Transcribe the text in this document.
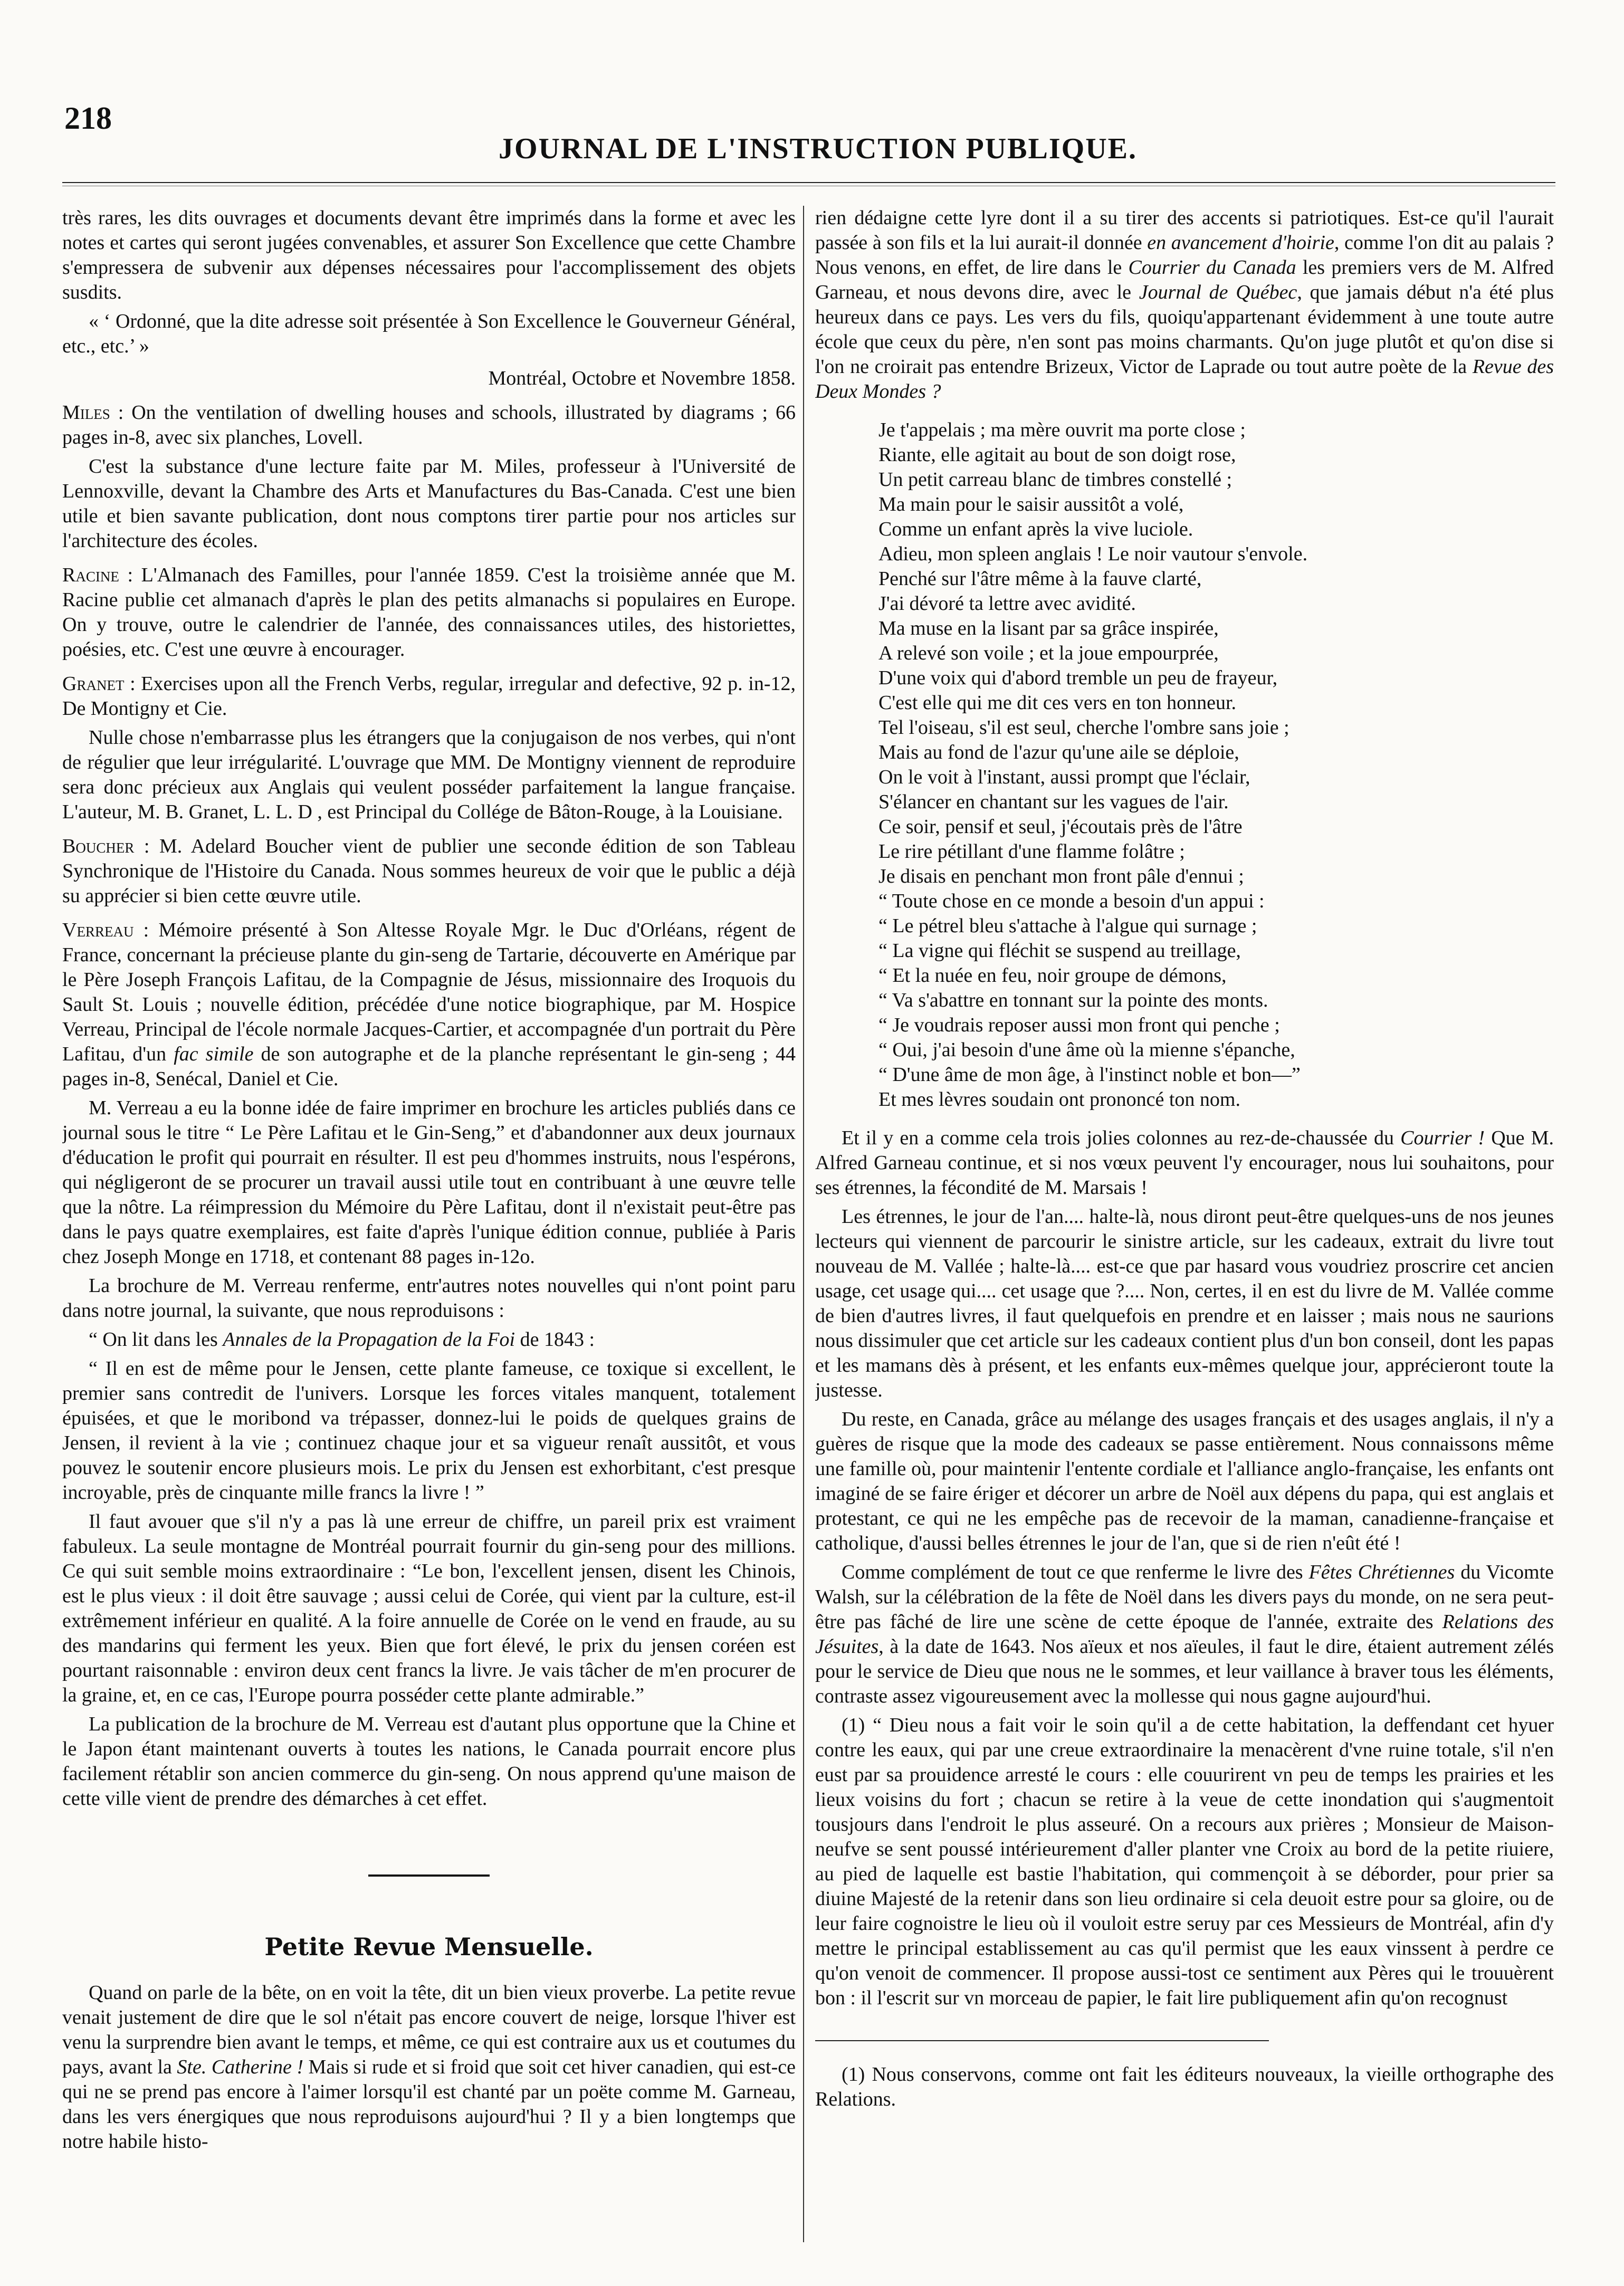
218
JOURNAL DE L'INSTRUCTION PUBLIQUE.

très rares, les dits ouvrages et documents devant être imprimés dans la forme et avec les notes et cartes qui seront jugées convenables, et assurer Son Excellence que cette Chambre s'empressera de subvenir aux dépenses nécessaires pour l'accomplissement des objets susdits.

« ‘ Ordonné, que la dite adresse soit présentée à Son Excellence le Gouverneur Général, etc., etc.’ »

Montréal, Octobre et Novembre 1858.

Miles : On the ventilation of dwelling houses and schools, illustrated by diagrams ; 66 pages in-8, avec six planches, Lovell.

C'est la substance d'une lecture faite par M. Miles, professeur à l'Université de Lennoxville, devant la Chambre des Arts et Manufactures du Bas-Canada. C'est une bien utile et bien savante publication, dont nous comptons tirer partie pour nos articles sur l'architecture des écoles.

Racine : L'Almanach des Familles, pour l'année 1859. C'est la troisième année que M. Racine publie cet almanach d'après le plan des petits almanachs si populaires en Europe. On y trouve, outre le calendrier de l'année, des connaissances utiles, des historiettes, poésies, etc. C'est une œuvre à encourager.

Granet : Exercises upon all the French Verbs, regular, irregular and defective, 92 p. in-12, De Montigny et Cie.

Nulle chose n'embarrasse plus les étrangers que la conjugaison de nos verbes, qui n'ont de régulier que leur irrégularité. L'ouvrage que MM. De Montigny viennent de reproduire sera donc précieux aux Anglais qui veulent posséder parfaitement la langue française. L'auteur, M. B. Granet, L. L. D , est Principal du Collége de Bâton-Rouge, à la Louisiane.

Boucher : M. Adelard Boucher vient de publier une seconde édition de son Tableau Synchronique de l'Histoire du Canada. Nous sommes heureux de voir que le public a déjà su apprécier si bien cette œuvre utile.

Verreau : Mémoire présenté à Son Altesse Royale Mgr. le Duc d'Orléans, régent de France, concernant la précieuse plante du gin-seng de Tartarie, découverte en Amérique par le Père Joseph François Lafitau, de la Compagnie de Jésus, missionnaire des Iroquois du Sault St. Louis ; nouvelle édition, précédée d'une notice biographique, par M. Hospice Verreau, Principal de l'école normale Jacques-Cartier, et accompagnée d'un portrait du Père Lafitau, d'un fac simile de son autographe et de la planche représentant le gin-seng ; 44 pages in-8, Senécal, Daniel et Cie.

M. Verreau a eu la bonne idée de faire imprimer en brochure les articles publiés dans ce journal sous le titre “ Le Père Lafitau et le Gin-Seng,” et d'abandonner aux deux journaux d'éducation le profit qui pourrait en résulter. Il est peu d'hommes instruits, nous l'espérons, qui négligeront de se procurer un travail aussi utile tout en contribuant à une œuvre telle que la nôtre. La réimpression du Mémoire du Père Lafitau, dont il n'existait peut-être pas dans le pays quatre exemplaires, est faite d'après l'unique édition connue, publiée à Paris chez Joseph Monge en 1718, et contenant 88 pages in-12o.

La brochure de M. Verreau renferme, entr'autres notes nouvelles qui n'ont point paru dans notre journal, la suivante, que nous reproduisons :

“ On lit dans les Annales de la Propagation de la Foi de 1843 :

“ Il en est de même pour le Jensen, cette plante fameuse, ce toxique si excellent, le premier sans contredit de l'univers. Lorsque les forces vitales manquent, totalement épuisées, et que le moribond va trépasser, donnez-lui le poids de quelques grains de Jensen, il revient à la vie ; continuez chaque jour et sa vigueur renaît aussitôt, et vous pouvez le soutenir encore plusieurs mois. Le prix du Jensen est exhorbitant, c'est presque incroyable, près de cinquante mille francs la livre ! ”

Il faut avouer que s'il n'y a pas là une erreur de chiffre, un pareil prix est vraiment fabuleux. La seule montagne de Montréal pourrait fournir du gin-seng pour des millions. Ce qui suit semble moins extraordinaire : “Le bon, l'excellent jensen, disent les Chinois, est le plus vieux : il doit être sauvage ; aussi celui de Corée, qui vient par la culture, est-il extrêmement inférieur en qualité. A la foire annuelle de Corée on le vend en fraude, au su des mandarins qui ferment les yeux. Bien que fort élevé, le prix du jensen coréen est pourtant raisonnable : environ deux cent francs la livre. Je vais tâcher de m'en procurer de la graine, et, en ce cas, l'Europe pourra posséder cette plante admirable.”

La publication de la brochure de M. Verreau est d'autant plus opportune que la Chine et le Japon étant maintenant ouverts à toutes les nations, le Canada pourrait encore plus facilement rétablir son ancien commerce du gin-seng. On nous apprend qu'une maison de cette ville vient de prendre des démarches à cet effet.

Petite Revue Mensuelle.

Quand on parle de la bête, on en voit la tête, dit un bien vieux proverbe. La petite revue venait justement de dire que le sol n'était pas encore couvert de neige, lorsque l'hiver est venu la surprendre bien avant le temps, et même, ce qui est contraire aux us et coutumes du pays, avant la Ste. Catherine ! Mais si rude et si froid que soit cet hiver canadien, qui est-ce qui ne se prend pas encore à l'aimer lorsqu'il est chanté par un poëte comme M. Garneau, dans les vers énergiques que nous reproduisons aujourd'hui ? Il y a bien longtemps que notre habile histo-

rien dédaigne cette lyre dont il a su tirer des accents si patriotiques. Est-ce qu'il l'aurait passée à son fils et la lui aurait-il donnée en avancement d'hoirie, comme l'on dit au palais ? Nous venons, en effet, de lire dans le Courrier du Canada les premiers vers de M. Alfred Garneau, et nous devons dire, avec le Journal de Québec, que jamais début n'a été plus heureux dans ce pays. Les vers du fils, quoiqu'appartenant évidemment à une toute autre école que ceux du père, n'en sont pas moins charmants. Qu'on juge plutôt et qu'on dise si l'on ne croirait pas entendre Brizeux, Victor de Laprade ou tout autre poète de la Revue des Deux Mondes ?

Je t'appelais ; ma mère ouvrit ma porte close ;
Riante, elle agitait au bout de son doigt rose,
Un petit carreau blanc de timbres constellé ;
Ma main pour le saisir aussitôt a volé,
Comme un enfant après la vive luciole.
Adieu, mon spleen anglais ! Le noir vautour s'envole.
Penché sur l'âtre même à la fauve clarté,
J'ai dévoré ta lettre avec avidité.
Ma muse en la lisant par sa grâce inspirée,
A relevé son voile ; et la joue empourprée,
D'une voix qui d'abord tremble un peu de frayeur,
C'est elle qui me dit ces vers en ton honneur.
Tel l'oiseau, s'il est seul, cherche l'ombre sans joie ;
Mais au fond de l'azur qu'une aile se déploie,
On le voit à l'instant, aussi prompt que l'éclair,
S'élancer en chantant sur les vagues de l'air.
Ce soir, pensif et seul, j'écoutais près de l'âtre
Le rire pétillant d'une flamme folâtre ;
Je disais en penchant mon front pâle d'ennui ;
“ Toute chose en ce monde a besoin d'un appui :
“ Le pétrel bleu s'attache à l'algue qui surnage ;
“ La vigne qui fléchit se suspend au treillage,
“ Et la nuée en feu, noir groupe de démons,
“ Va s'abattre en tonnant sur la pointe des monts.
“ Je voudrais reposer aussi mon front qui penche ;
“ Oui, j'ai besoin d'une âme où la mienne s'épanche,
“ D'une âme de mon âge, à l'instinct noble et bon—”
Et mes lèvres soudain ont prononcé ton nom.

Et il y en a comme cela trois jolies colonnes au rez-de-chaussée du Courrier ! Que M. Alfred Garneau continue, et si nos vœux peuvent l'y encourager, nous lui souhaitons, pour ses étrennes, la fécondité de M. Marsais !

Les étrennes, le jour de l'an.... halte-là, nous diront peut-être quelques-uns de nos jeunes lecteurs qui viennent de parcourir le sinistre article, sur les cadeaux, extrait du livre tout nouveau de M. Vallée ; halte-là.... est-ce que par hasard vous voudriez proscrire cet ancien usage, cet usage qui.... cet usage que ?.... Non, certes, il en est du livre de M. Vallée comme de bien d'autres livres, il faut quelquefois en prendre et en laisser ; mais nous ne saurions nous dissimuler que cet article sur les cadeaux contient plus d'un bon conseil, dont les papas et les mamans dès à présent, et les enfants eux-mêmes quelque jour, apprécieront toute la justesse.

Du reste, en Canada, grâce au mélange des usages français et des usages anglais, il n'y a guères de risque que la mode des cadeaux se passe entièrement. Nous connaissons même une famille où, pour maintenir l'entente cordiale et l'alliance anglo-française, les enfants ont imaginé de se faire ériger et décorer un arbre de Noël aux dépens du papa, qui est anglais et protestant, ce qui ne les empêche pas de recevoir de la maman, canadienne-française et catholique, d'aussi belles étrennes le jour de l'an, que si de rien n'eût été !

Comme complément de tout ce que renferme le livre des Fêtes Chrétiennes du Vicomte Walsh, sur la célébration de la fête de Noël dans les divers pays du monde, on ne sera peut-être pas fâché de lire une scène de cette époque de l'année, extraite des Relations des Jésuites, à la date de 1643. Nos aïeux et nos aïeules, il faut le dire, étaient autrement zélés pour le service de Dieu que nous ne le sommes, et leur vaillance à braver tous les éléments, contraste assez vigoureusement avec la mollesse qui nous gagne aujourd'hui.

(1) “ Dieu nous a fait voir le soin qu'il a de cette habitation, la deffendant cet hyuer contre les eaux, qui par une creue extraordinaire la menacèrent d'vne ruine totale, s'il n'en eust par sa prouidence arresté le cours : elle couurirent vn peu de temps les prairies et les lieux voisins du fort ; chacun se retire à la veue de cette inondation qui s'augmentoit tousjours dans l'endroit le plus asseuré. On a recours aux prières ; Monsieur de Maison-neufve se sent poussé intérieurement d'aller planter vne Croix au bord de la petite riuiere, au pied de laquelle est bastie l'habitation, qui commençoit à se déborder, pour prier sa diuine Majesté de la retenir dans son lieu ordinaire si cela deuoit estre pour sa gloire, ou de leur faire cognoistre le lieu où il vouloit estre seruy par ces Messieurs de Montréal, afin d'y mettre le principal establissement au cas qu'il permist que les eaux vinssent à perdre ce qu'on venoit de commencer. Il propose aussi-tost ce sentiment aux Pères qui le trouuèrent bon : il l'escrit sur vn morceau de papier, le fait lire publiquement afin qu'on recognust

(1) Nous conservons, comme ont fait les éditeurs nouveaux, la vieille orthographe des Relations.
